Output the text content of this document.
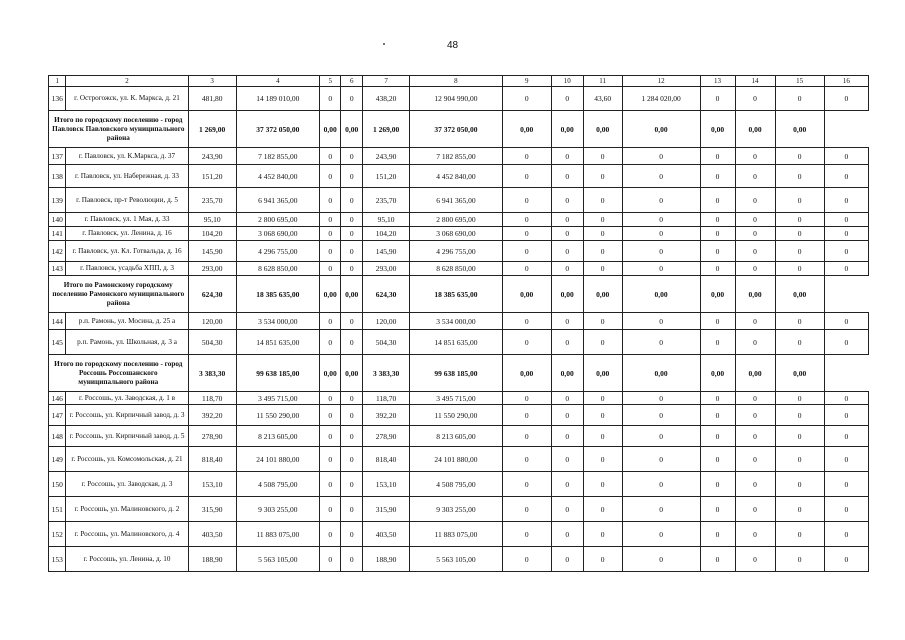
48
1	2	3	4	5	6	7	8	9	10	11	12	13	14	15	16
136	г. Острогожск, ул. К. Маркса, д. 21	481,80	14 189 010,00	0	0	438,20	12 904 990,00	0	0	43,60	1 284 020,00	0	0	0	0
Итого по городскому поселению - город Павловск Павловского муниципального района		1 269,00	37 372 050,00	0,00	0,00	1 269,00	37 372 050,00	0,00	0,00	0,00	0,00	0,00	0,00	0,00	
137	г. Павловск, ул. К.Маркса, д. 37	243,90	7 182 855,00	0	0	243,90	7 182 855,00	0	0	0	0	0	0	0	0
138	г. Павловск, ул. Набережная, д. 33	151,20	4 452 840,00	0	0	151,20	4 452 840,00	0	0	0	0	0	0	0	0
139	г. Павловск, пр-т Революции, д. 5	235,70	6 941 365,00	0	0	235,70	6 941 365,00	0	0	0	0	0	0	0	0
140	г. Павловск, ул. 1 Мая, д. 33	95,10	2 800 695,00	0	0	95,10	2 800 695,00	0	0	0	0	0	0	0	0
141	г. Павловск, ул. Ленина, д. 16	104,20	3 068 690,00	0	0	104,20	3 068 690,00	0	0	0	0	0	0	0	0
142	г. Павловск, ул. Кл. Готвальда, д. 16	145,90	4 296 755,00	0	0	145,90	4 296 755,00	0	0	0	0	0	0	0	0
143	г. Павловск, усадьба ХПП, д. 3	293,00	8 628 850,00	0	0	293,00	8 628 850,00	0	0	0	0	0	0	0	0
Итого по Рамонскому городскому поселению Рамонского муниципального района		624,30	18 385 635,00	0,00	0,00	624,30	18 385 635,00	0,00	0,00	0,00	0,00	0,00	0,00	0,00	
144	р.п. Рамонь, ул. Мосина, д. 25 а	120,00	3 534 000,00	0	0	120,00	3 534 000,00	0	0	0	0	0	0	0	0
145	р.п. Рамонь, ул. Школьная, д. 3 а	504,30	14 851 635,00	0	0	504,30	14 851 635,00	0	0	0	0	0	0	0	0
Итого по городскому поселению - город Россошь Россошанского муниципального района		3 383,30	99 638 185,00	0,00	0,00	3 383,30	99 638 185,00	0,00	0,00	0,00	0,00	0,00	0,00	0,00	
146	г. Россошь, ул. Заводская, д. 1 в	118,70	3 495 715,00	0	0	118,70	3 495 715,00	0	0	0	0	0	0	0	0
147	г. Россошь, ул. Кирпичный завод, д. 3	392,20	11 550 290,00	0	0	392,20	11 550 290,00	0	0	0	0	0	0	0	0
148	г. Россошь, ул. Кирпичный завод, д. 5	278,90	8 213 605,00	0	0	278,90	8 213 605,00	0	0	0	0	0	0	0	0
149	г. Россошь, ул. Комсомольская, д. 21	818,40	24 101 880,00	0	0	818,40	24 101 880,00	0	0	0	0	0	0	0	0
150	г. Россошь, ул. Заводская, д. 3	153,10	4 508 795,00	0	0	153,10	4 508 795,00	0	0	0	0	0	0	0	0
151	г. Россошь, ул. Малиновского, д. 2	315,90	9 303 255,00	0	0	315,90	9 303 255,00	0	0	0	0	0	0	0	0
152	г. Россошь, ул. Малиновского, д. 4	403,50	11 883 075,00	0	0	403,50	11 883 075,00	0	0	0	0	0	0	0	0
153	г. Россошь, ул. Ленина, д. 10	188,90	5 563 105,00	0	0	188,90	5 563 105,00	0	0	0	0	0	0	0	0
